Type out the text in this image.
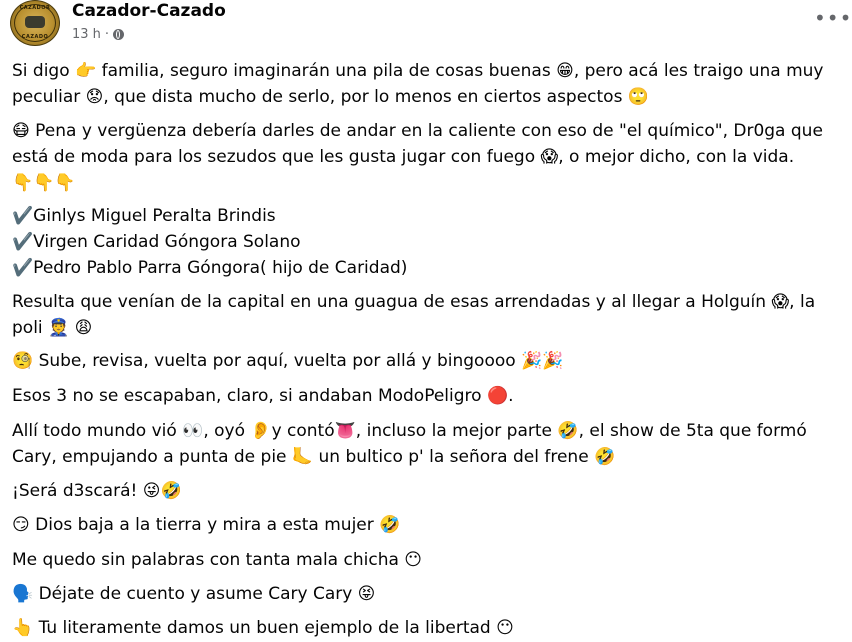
CAZADOR
CAZADO
Cazador-Cazado
13 h ·
•••

Si digo 👉 familia, seguro imaginarán una pila de cosas buenas 😁, pero acá les traigo una muy peculiar 😟, que dista mucho de serlo, por lo menos en ciertos aspectos 🙄

😷 Pena y vergüenza debería darles de andar en la caliente con eso de "el químico", Dr0ga que está de moda para los sezudos que les gusta jugar con fuego 😱, o mejor dicho, con la vida.

👇👇👇

✔️Ginlys Miguel Peralta Brindis

✔️Virgen Caridad Góngora Solano

✔️Pedro Pablo Parra Góngora( hijo de Caridad)

Resulta que venían de la capital en una guagua de esas arrendadas y al llegar a Holguín 😱, la poli 👮 😩

🧐 Sube, revisa, vuelta por aquí, vuelta por allá y bingoooo 🎉🎉

Esos 3 no se escapaban, claro, si andaban ModoPeligro 🔴.

Allí todo mundo vió 👀, oyó 👂y contó👅, incluso la mejor parte 🤣, el show de 5ta que formó Cary, empujando a punta de pie 🦶 un bultico p' la señora del frene 🤣

¡Será d3scará! 😜🤣

😏 Dios baja a la tierra y mira a esta mujer 🤣

Me quedo sin palabras con tanta mala chicha 😶

🗣️ Déjate de cuento y asume Cary Cary 😝

👆 Tu literamente damos un buen ejemplo de la libertad 😶
